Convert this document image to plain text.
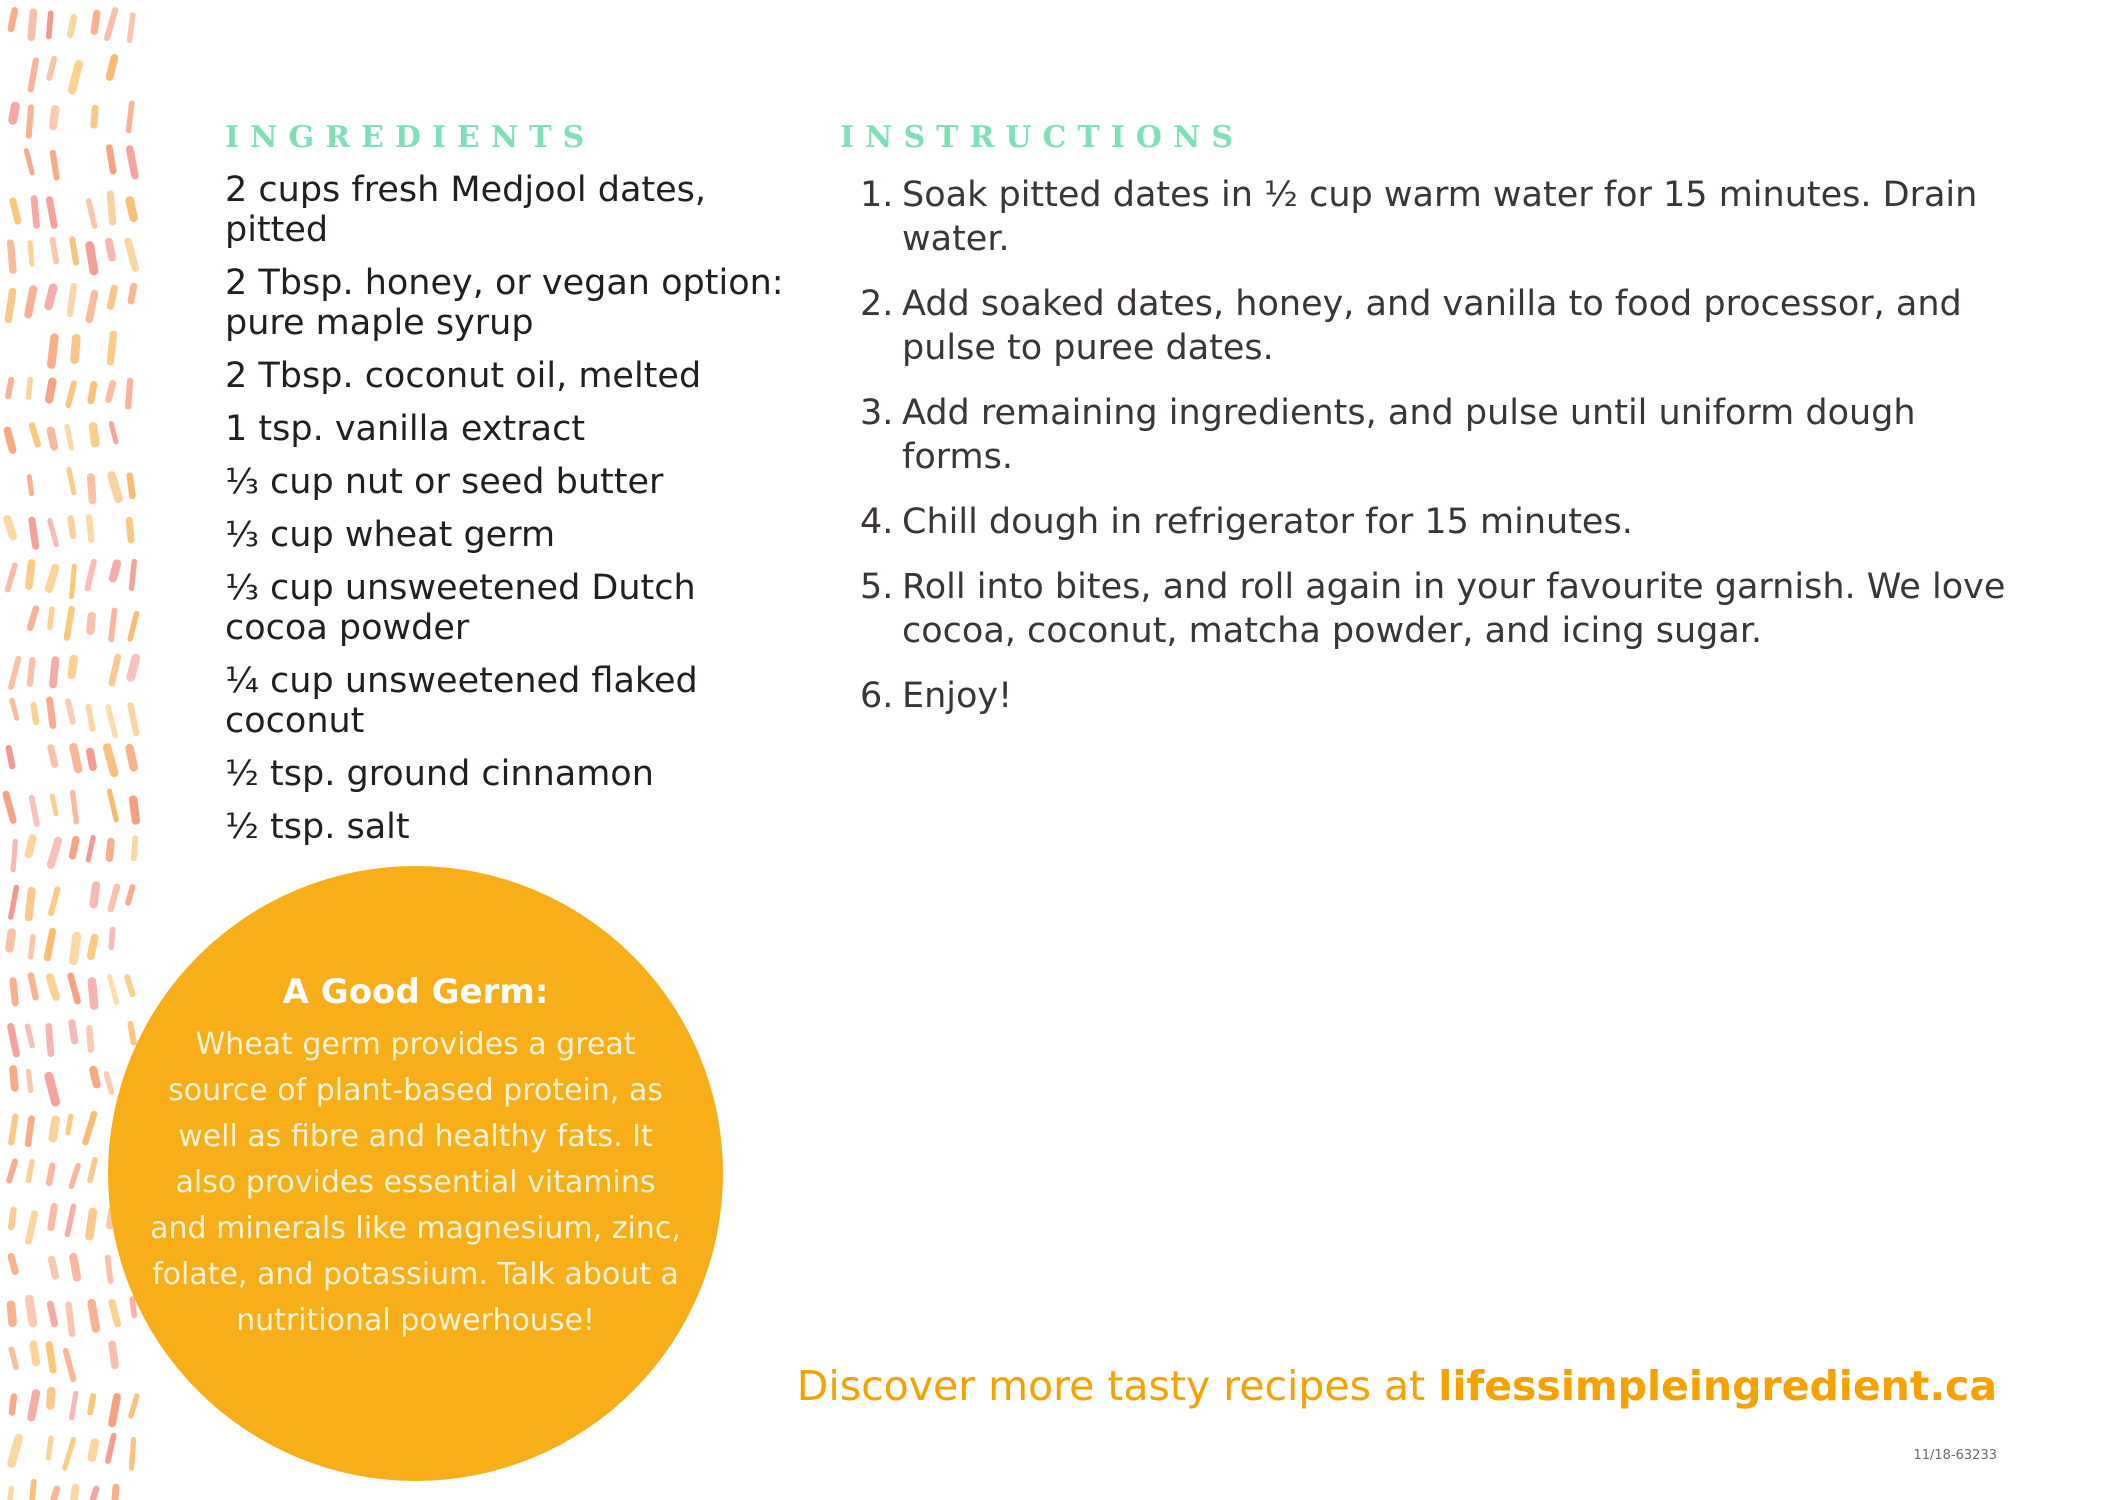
INGREDIENTS
2 cups fresh Medjool dates, pitted
2 Tbsp. honey, or vegan option: pure maple syrup
2 Tbsp. coconut oil, melted
1 tsp. vanilla extract
⅓ cup nut or seed butter
⅓ cup wheat germ
⅓ cup unsweetened Dutch cocoa powder
¼ cup unsweetened flaked coconut
½ tsp. ground cinnamon
½ tsp. salt
INSTRUCTIONS
1. Soak pitted dates in ½ cup warm water for 15 minutes. Drain water.
2. Add soaked dates, honey, and vanilla to food processor, and pulse to puree dates.
3. Add remaining ingredients, and pulse until uniform dough forms.
4. Chill dough in refrigerator for 15 minutes.
5. Roll into bites, and roll again in your favourite garnish. We love cocoa, coconut, matcha powder, and icing sugar.
6. Enjoy!
A Good Germ:
Wheat germ provides a great source of plant-based protein, as well as fibre and healthy fats. It also provides essential vitamins and minerals like magnesium, zinc, folate, and potassium. Talk about a nutritional powerhouse!
Discover more tasty recipes at lifessimpleingredient.ca
11/18-63233
